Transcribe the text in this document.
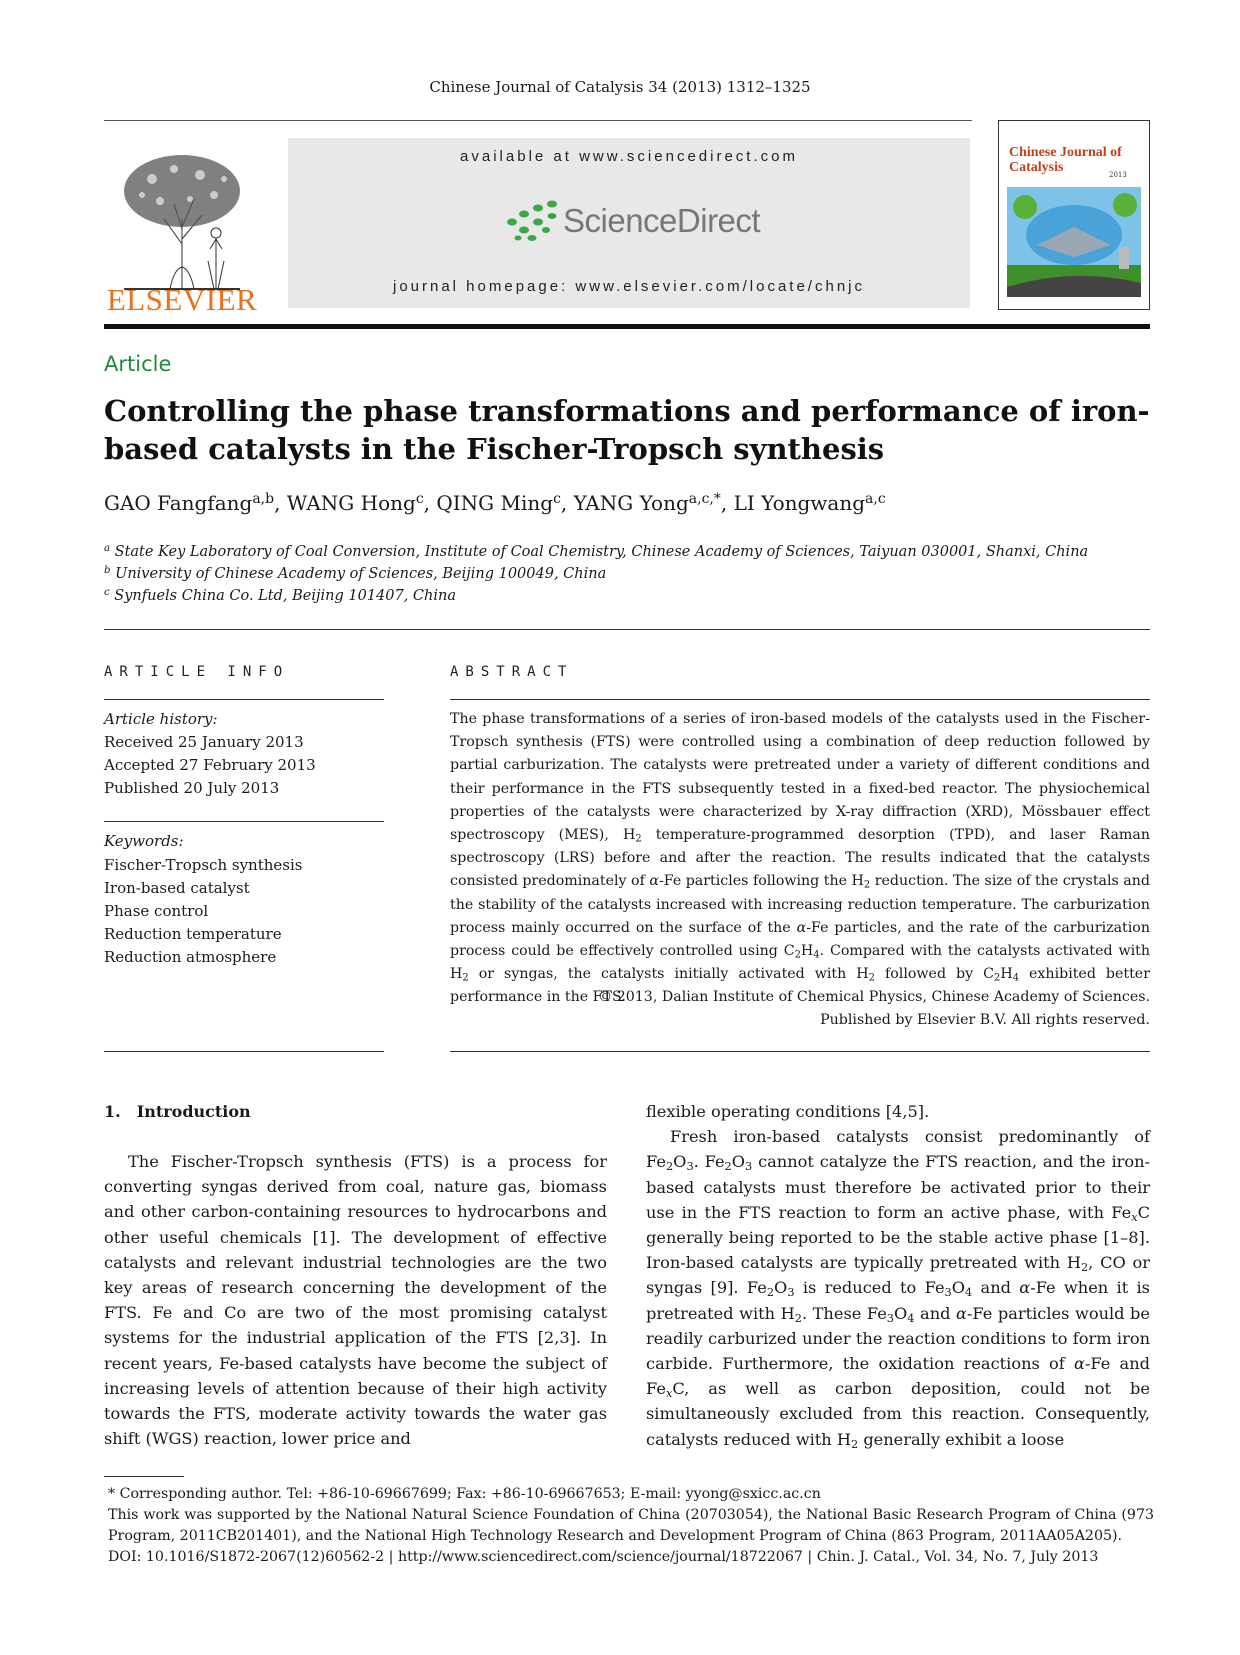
Chinese Journal of Catalysis 34 (2013) 1312–1325
ELSEVIER
available at www.sciencedirect.com
ScienceDirect
journal homepage: www.elsevier.com/locate/chnjc
Chinese Journal of Catalysis	2013
Article
Controlling the phase transformations and performance of iron-based catalysts in the Fischer-Tropsch synthesis
GAO Fangfang$^{a,b}$, WANG Hong$^c$, QING Ming$^c$, YANG Yong$^{a,c,*}$, LI Yongwang$^{a,c}$
$^a$ State Key Laboratory of Coal Conversion, Institute of Coal Chemistry, Chinese Academy of Sciences, Taiyuan 030001, Shanxi, China
$^b$ University of Chinese Academy of Sciences, Beijing 100049, China
$^c$ Synfuels China Co. Ltd, Beijing 101407, China
ARTICLE INFO
Article history:
Received 25 January 2013
Accepted 27 February 2013
Published 20 July 2013
Keywords:
Fischer-Tropsch synthesis
Iron-based catalyst
Phase control
Reduction temperature
Reduction atmosphere
ABSTRACT
The phase transformations of a series of iron-based models of the catalysts used in the Fischer-Tropsch synthesis (FTS) were controlled using a combination of deep reduction followed by partial carburization. The catalysts were pretreated under a variety of different conditions and their performance in the FTS subsequently tested in a fixed-bed reactor. The physiochemical properties of the catalysts were characterized by X-ray diffraction (XRD), Mössbauer effect spectroscopy (MES), $H_2$ temperature-programmed desorption (TPD), and laser Raman spectroscopy (LRS) before and after the reaction. The results indicated that the catalysts consisted predominately of α-Fe particles following the $H_2$ reduction. The size of the crystals and the stability of the catalysts increased with increasing reduction temperature. The carburization process mainly occurred on the surface of the α-Fe particles, and the rate of the carburization process could be effectively controlled using $C_2H_4$. Compared with the catalysts activated with $H_2$ or syngas, the catalysts initially activated with $H_2$ followed by $C_2H_4$ exhibited better performance in the FTS.
© 2013, Dalian Institute of Chemical Physics, Chinese Academy of Sciences.
Published by Elsevier B.V. All rights reserved.
1. Introduction
The Fischer-Tropsch synthesis (FTS) is a process for converting syngas derived from coal, nature gas, biomass and other carbon-containing resources to hydrocarbons and other useful chemicals [1]. The development of effective catalysts and relevant industrial technologies are the two key areas of research concerning the development of the FTS. Fe and Co are two of the most promising catalyst systems for the industrial application of the FTS [2,3]. In recent years, Fe-based catalysts have become the subject of increasing levels of attention because of their high activity towards the FTS, moderate activity towards the water gas shift (WGS) reaction, lower price and
flexible operating conditions [4,5].
Fresh iron-based catalysts consist predominantly of $Fe_2O_3$. $Fe_2O_3$ cannot catalyze the FTS reaction, and the iron-based catalysts must therefore be activated prior to their use in the FTS reaction to form an active phase, with $Fe_xC$ generally being reported to be the stable active phase [1–8]. Iron-based catalysts are typically pretreated with $H_2$, CO or syngas [9]. $Fe_2O_3$ is reduced to $Fe_3O_4$ and α-Fe when it is pretreated with $H_2$. These $Fe_3O_4$ and α-Fe particles would be readily carburized under the reaction conditions to form iron carbide. Furthermore, the oxidation reactions of α-Fe and $Fe_xC$, as well as carbon deposition, could not be simultaneously excluded from this reaction. Consequently, catalysts reduced with $H_2$ generally exhibit a loose
* Corresponding author. Tel: +86-10-69667699; Fax: +86-10-69667653; E-mail: yyong@sxicc.ac.cn
This work was supported by the National Natural Science Foundation of China (20703054), the National Basic Research Program of China (973 Program, 2011CB201401), and the National High Technology Research and Development Program of China (863 Program, 2011AA05A205).
DOI: 10.1016/S1872-2067(12)60562-2 | http://www.sciencedirect.com/science/journal/18722067 | Chin. J. Catal., Vol. 34, No. 7, July 2013
